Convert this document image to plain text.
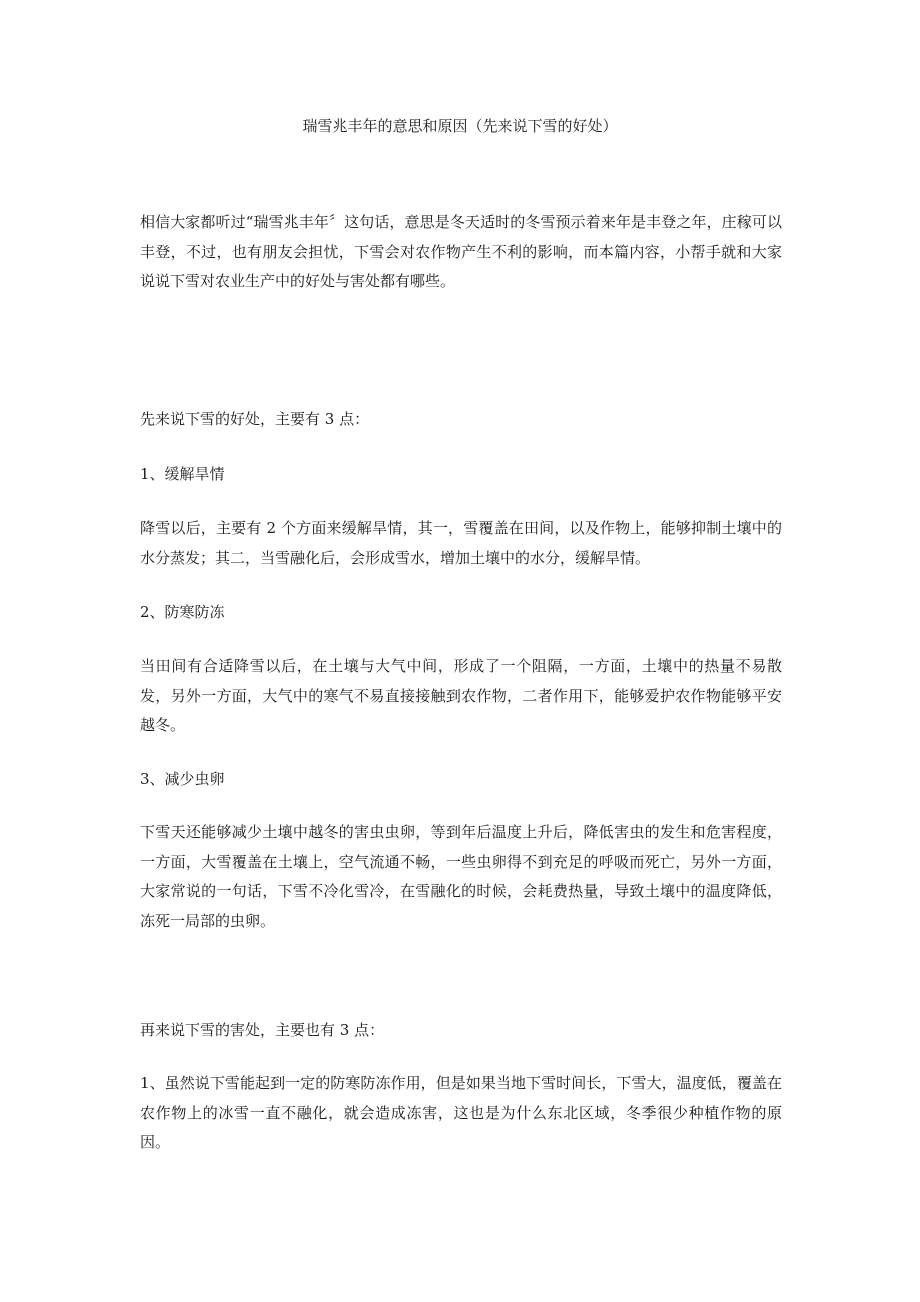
瑞雪兆丰年的意思和原因（先来说下雪的好处）
相信大家都听过“瑞雪兆丰年〞这句话，意思是冬天适时的冬雪预示着来年是丰登之年，庄稼可以丰登，不过，也有朋友会担忧，下雪会对农作物产生不利的影响，而本篇内容，小帮手就和大家说说下雪对农业生产中的好处与害处都有哪些。
先来说下雪的好处，主要有 3 点：
1、缓解旱情
降雪以后，主要有 2 个方面来缓解旱情，其一，雪覆盖在田间，以及作物上，能够抑制土壤中的水分蒸发；其二，当雪融化后，会形成雪水，增加土壤中的水分，缓解旱情。
2、防寒防冻
当田间有合适降雪以后，在土壤与大气中间，形成了一个阻隔，一方面，土壤中的热量不易散发，另外一方面，大气中的寒气不易直接接触到农作物，二者作用下，能够爱护农作物能够平安越冬。
3、减少虫卵
下雪天还能够减少土壤中越冬的害虫虫卵，等到年后温度上升后，降低害虫的发生和危害程度，一方面，大雪覆盖在土壤上，空气流通不畅，一些虫卵得不到充足的呼吸而死亡，另外一方面，大家常说的一句话，下雪不冷化雪冷，在雪融化的时候，会耗费热量，导致土壤中的温度降低，冻死一局部的虫卵。
再来说下雪的害处，主要也有 3 点：
1、虽然说下雪能起到一定的防寒防冻作用，但是如果当地下雪时间长，下雪大，温度低，覆盖在农作物上的冰雪一直不融化，就会造成冻害，这也是为什么东北区域，冬季很少种植作物的原因。
